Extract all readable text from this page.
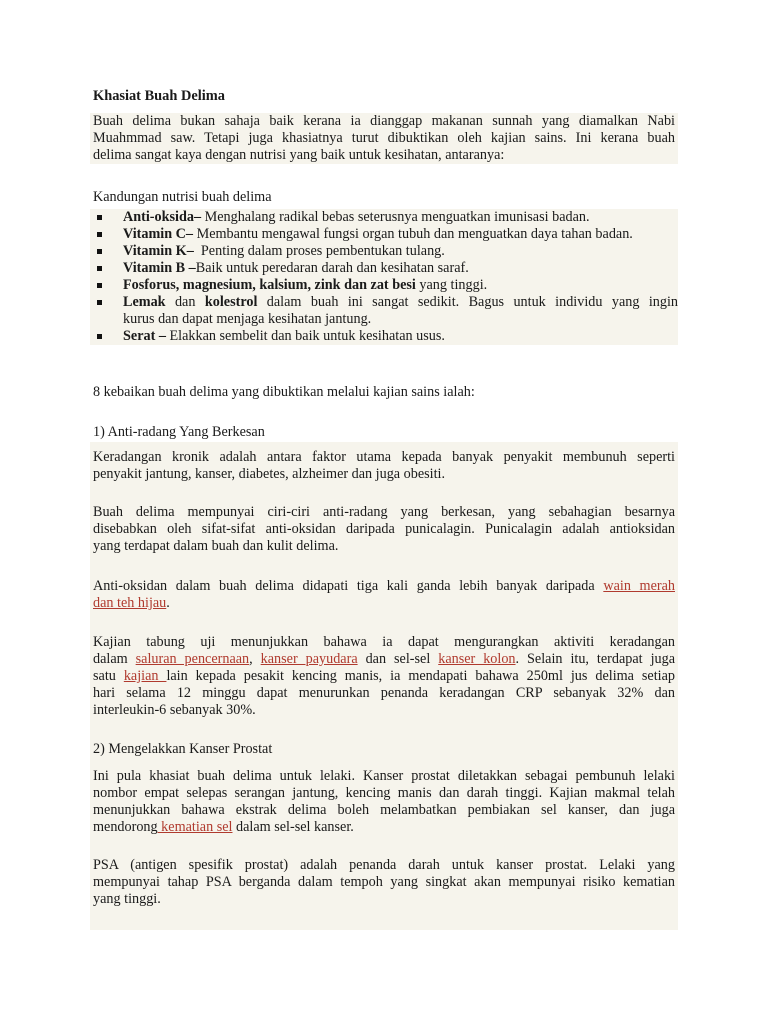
Khasiat Buah Delima
Buah delima bukan sahaja baik kerana ia dianggap makanan sunnah yang diamalkan Nabi
Muahmmad saw. Tetapi juga khasiatnya turut dibuktikan oleh kajian sains. Ini kerana buah
delima sangat kaya dengan nutrisi yang baik untuk kesihatan, antaranya:
Kandungan nutrisi buah delima
Anti-oksida– Menghalang radikal bebas seterusnya menguatkan imunisasi badan.
Vitamin C– Membantu mengawal fungsi organ tubuh dan menguatkan daya tahan badan.
Vitamin K–  Penting dalam proses pembentukan tulang.
Vitamin B –Baik untuk peredaran darah dan kesihatan saraf.
Fosforus, magnesium, kalsium, zink dan zat besi yang tinggi.
Lemak dan kolestrol dalam buah ini sangat sedikit. Bagus untuk individu yang ingin
kurus dan dapat menjaga kesihatan jantung.
Serat – Elakkan sembelit dan baik untuk kesihatan usus.
8 kebaikan buah delima yang dibuktikan melalui kajian sains ialah:
1) Anti-radang Yang Berkesan
Keradangan kronik adalah antara faktor utama kepada banyak penyakit membunuh seperti
penyakit jantung, kanser, diabetes, alzheimer dan juga obesiti.
Buah delima mempunyai ciri-ciri anti-radang yang berkesan, yang sebahagian besarnya
disebabkan oleh sifat-sifat anti-oksidan daripada punicalagin. Punicalagin adalah antioksidan
yang terdapat dalam buah dan kulit delima.
Anti-oksidan dalam buah delima didapati tiga kali ganda lebih banyak daripada wain merah
dan teh hijau.
Kajian tabung uji menunjukkan bahawa ia dapat mengurangkan aktiviti keradangan
dalam saluran pencernaan, kanser payudara dan sel-sel kanser kolon. Selain itu, terdapat juga
satu kajian lain kepada pesakit kencing manis, ia mendapati bahawa 250ml jus delima setiap
hari selama 12 minggu dapat menurunkan penanda keradangan CRP sebanyak 32% dan
interleukin-6 sebanyak 30%.
2) Mengelakkan Kanser Prostat
Ini pula khasiat buah delima untuk lelaki. Kanser prostat diletakkan sebagai pembunuh lelaki
nombor empat selepas serangan jantung, kencing manis dan darah tinggi. Kajian makmal telah
menunjukkan bahawa ekstrak delima boleh melambatkan pembiakan sel kanser, dan juga
mendorong kematian sel dalam sel-sel kanser.
PSA (antigen spesifik prostat) adalah penanda darah untuk kanser prostat. Lelaki yang
mempunyai tahap PSA berganda dalam tempoh yang singkat akan mempunyai risiko kematian
yang tinggi.
